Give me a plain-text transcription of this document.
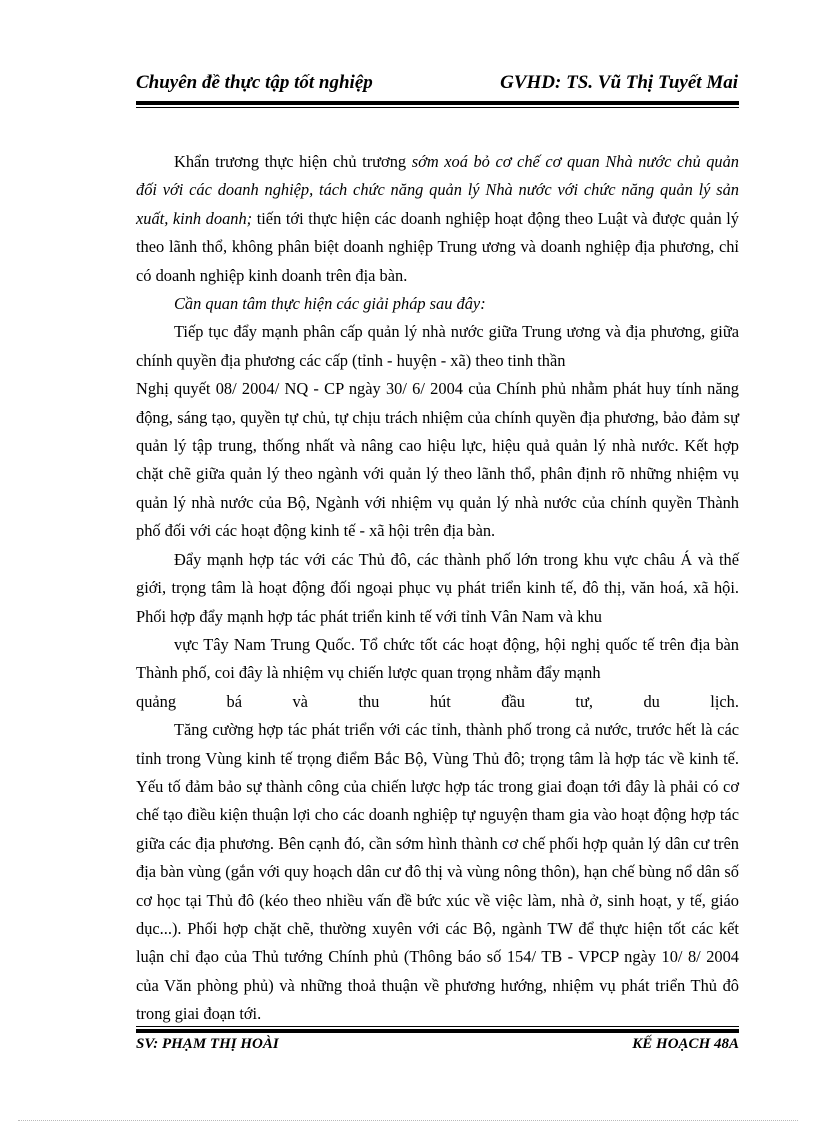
Chuyên đề thực tập tốt nghiệp	GVHD: TS. Vũ Thị Tuyết Mai

Khẩn trương thực hiện chủ trương sớm xoá bỏ cơ chế cơ quan Nhà nước chủ quản đối với các doanh nghiệp, tách chức năng quản lý Nhà nước với chức năng quản lý sản xuất, kinh doanh; tiến tới thực hiện các doanh nghiệp hoạt động theo Luật và được quản lý theo lãnh thổ, không phân biệt doanh nghiệp Trung ương và doanh nghiệp địa phương, chỉ có doanh nghiệp kinh doanh trên địa bàn.

Cần quan tâm thực hiện các giải pháp sau đây:

Tiếp tục đẩy mạnh phân cấp quản lý nhà nước giữa Trung ương và địa phương, giữa chính quyền địa phương các cấp (tỉnh - huyện - xã) theo tinh thần

Nghị quyết 08/ 2004/ NQ - CP ngày 30/ 6/ 2004 của Chính phủ nhằm phát huy tính năng động, sáng tạo, quyền tự chủ, tự chịu trách nhiệm của chính quyền địa phương, bảo đảm sự quản lý tập trung, thống nhất và nâng cao hiệu lực, hiệu quả quản lý nhà nước. Kết hợp chặt chẽ giữa quản lý theo ngành với quản lý theo lãnh thổ, phân định rõ những nhiệm vụ quản lý nhà nước của Bộ, Ngành với nhiệm vụ quản lý nhà nước của chính quyền Thành phố đối với các hoạt động kinh tế - xã hội trên địa bàn.

Đẩy mạnh hợp tác với các Thủ đô, các thành phố lớn trong khu vực châu Á và thế giới, trọng tâm là hoạt động đối ngoại phục vụ phát triển kinh tế, đô thị, văn hoá, xã hội. Phối hợp đẩy mạnh hợp tác phát triển kinh tế với tỉnh Vân Nam và khu

vực Tây Nam Trung Quốc. Tổ chức tốt các hoạt động, hội nghị quốc tế trên địa bàn Thành phố, coi đây là nhiệm vụ chiến lược quan trọng nhằm đẩy mạnh

quảng	bá	và	thu	hút	đầu	tư,	du	lịch.

Tăng cường hợp tác phát triển với các tỉnh, thành phố trong cả nước, trước hết là các tỉnh trong Vùng kinh tế trọng điểm Bắc Bộ, Vùng Thủ đô; trọng tâm là hợp tác về kinh tế. Yếu tố đảm bảo sự thành công của chiến lược hợp tác trong giai đoạn tới đây là phải có cơ chế tạo điều kiện thuận lợi cho các doanh nghiệp tự nguyện tham gia vào hoạt động hợp tác giữa các địa phương. Bên cạnh đó, cần sớm hình thành cơ chế phối hợp quản lý dân cư trên địa bàn vùng (gắn với quy hoạch dân cư đô thị và vùng nông thôn), hạn chế bùng nổ dân số cơ học tại Thủ đô (kéo theo nhiều vấn đề bức xúc về việc làm, nhà ở, sinh hoạt, y tế, giáo dục...). Phối hợp chặt chẽ, thường xuyên với các Bộ, ngành TW để thực hiện tốt các kết luận chỉ đạo của Thủ tướng Chính phủ (Thông báo số 154/ TB - VPCP ngày 10/ 8/ 2004 của Văn phòng phủ) và những thoả thuận về phương hướng, nhiệm vụ phát triển Thủ đô trong giai đoạn tới.

SV: PHẠM THỊ HOÀI	KẾ HOẠCH 48A
